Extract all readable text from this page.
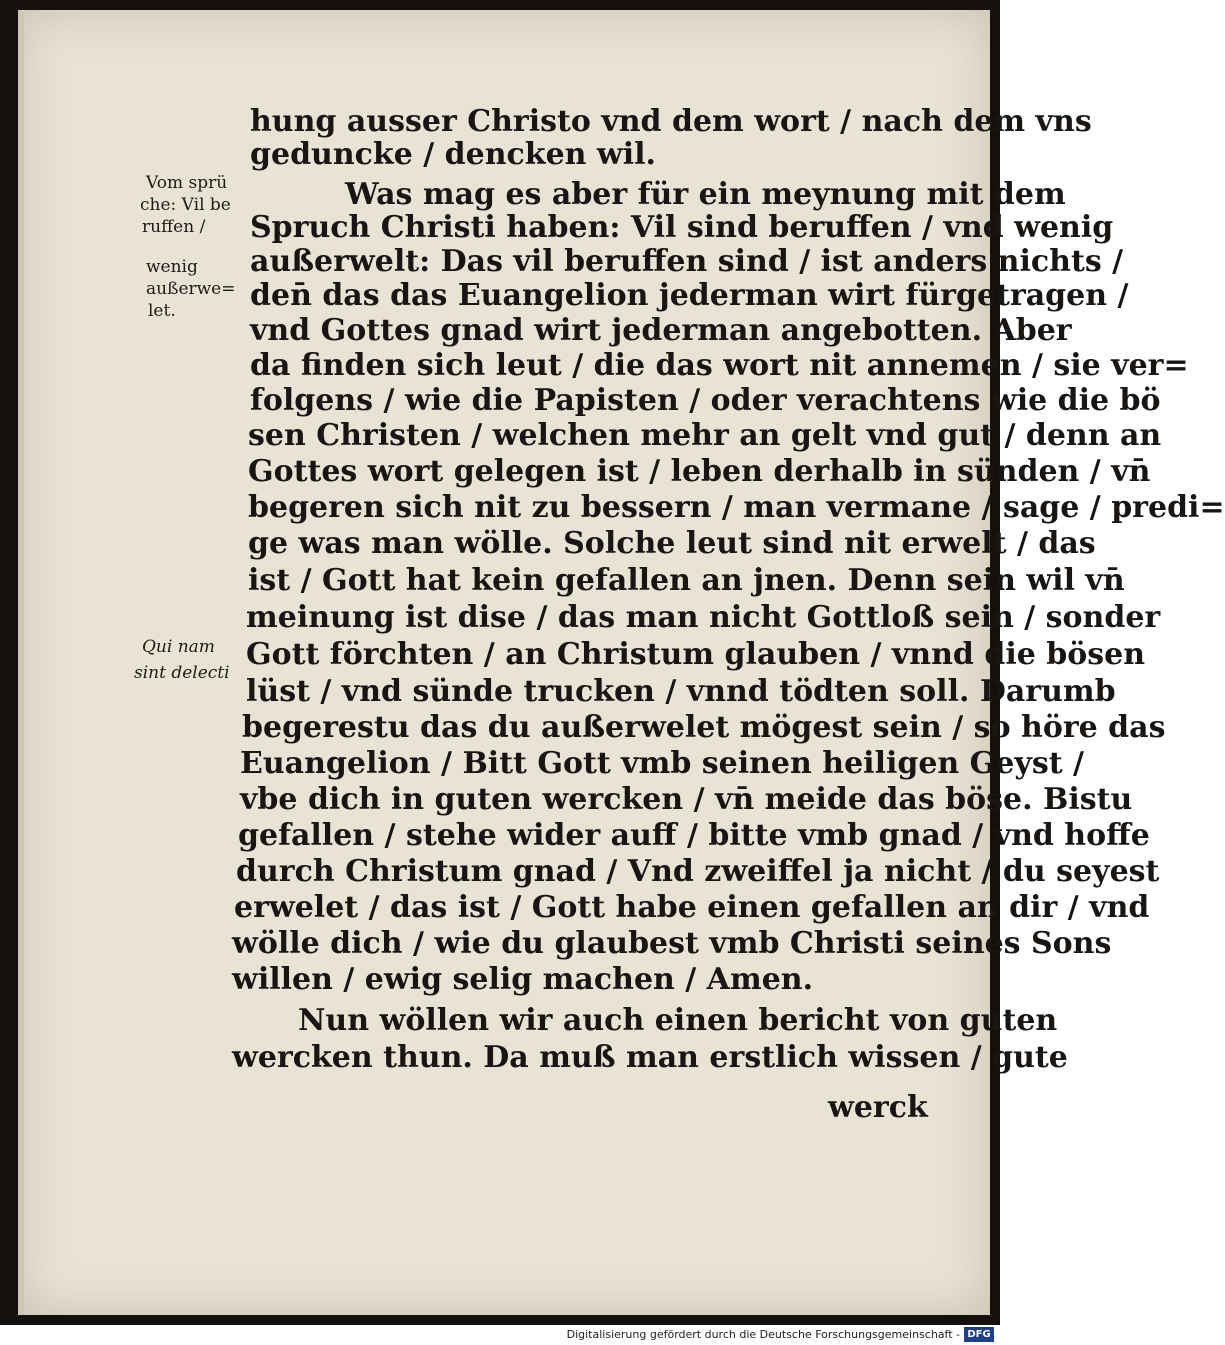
hung ausser Christo vnd dem wort / nach dem vns
geduncke / dencken wil.
Was mag es aber für ein meynung mit dem
Spruch Christi haben: Vil sind beruffen / vnd wenig
außerwelt: Das vil beruffen sind / ist anders nichts /
den̄ das das Euangelion jederman wirt fürgetragen /
vnd Gottes gnad wirt jederman angebotten. Aber
da finden sich leut / die das wort nit annemen / sie ver=
folgens / wie die Papisten / oder verachtens wie die bö
sen Christen / welchen mehr an gelt vnd gut / denn an
Gottes wort gelegen ist / leben derhalb in sünden / vn̄
begeren sich nit zu bessern / man vermane / sage / predi=
ge was man wölle. Solche leut sind nit erwelt / das
ist / Gott hat kein gefallen an jnen. Denn sein wil vn̄
meinung ist dise / das man nicht Gottloß sein / sonder
Gott förchten / an Christum glauben / vnnd die bösen
lüst / vnd sünde trucken / vnnd tödten soll. Darumb
begerestu das du außerwelet mögest sein / so höre das
Euangelion / Bitt Gott vmb seinen heiligen Geyst /
vbe dich in guten wercken / vn̄ meide das böse. Bistu
gefallen / stehe wider auff / bitte vmb gnad / vnd hoffe
durch Christum gnad / Vnd zweiffel ja nicht / du seyest
erwelet / das ist / Gott habe einen gefallen an dir / vnd
wölle dich / wie du glaubest vmb Christi seines Sons
willen / ewig selig machen / Amen.
Nun wöllen wir auch einen bericht von guten
wercken thun. Da muß man erstlich wissen / gute
werck
Vom sprü
che: Vil be
ruffen /
wenig
außerwe=
let.
Qui nam
sint delecti
Digitalisierung gefördert durch die Deutsche Forschungsgemeinschaft - DFG
